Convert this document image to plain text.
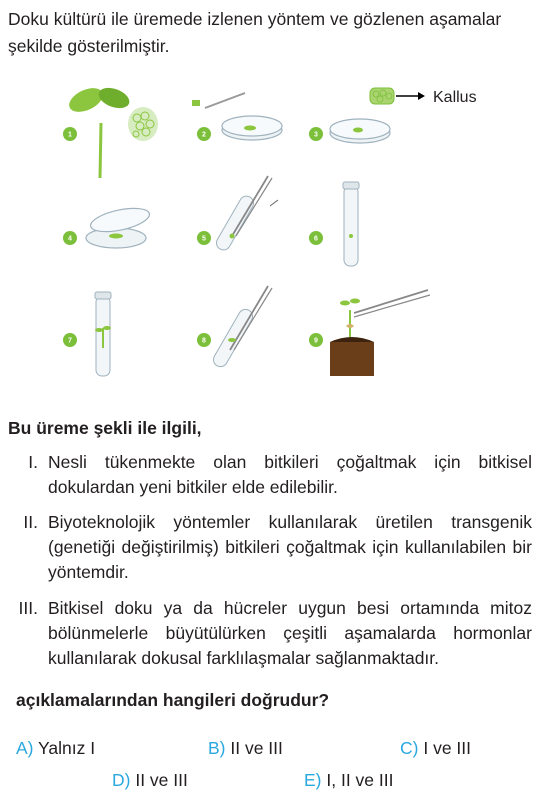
Doku kültürü ile üremede izlenen yöntem ve gözlenen aşamalar şekilde gösterilmiştir.
Kallus
1	2	3
4	5	6
7	8	9
Bu üreme şekli ile ilgili,
I. Nesli tükenmekte olan bitkileri çoğaltmak için bitkisel dokulardan yeni bitkiler elde edilebilir.
II. Biyoteknolojik yöntemler kullanılarak üretilen transgenik (genetiği değiştirilmiş) bitkileri çoğaltmak için kullanılabilen bir yöntemdir.
III. Bitkisel doku ya da hücreler uygun besi ortamında mitoz bölünmelerle büyütülürken çeşitli aşamalarda hormonlar kullanılarak dokusal farklılaşmalar sağlanmaktadır.
açıklamalarından hangileri doğrudur?
A) Yalnız I	B) II ve III	C) I ve III
D) II ve III	E) I, II ve III
